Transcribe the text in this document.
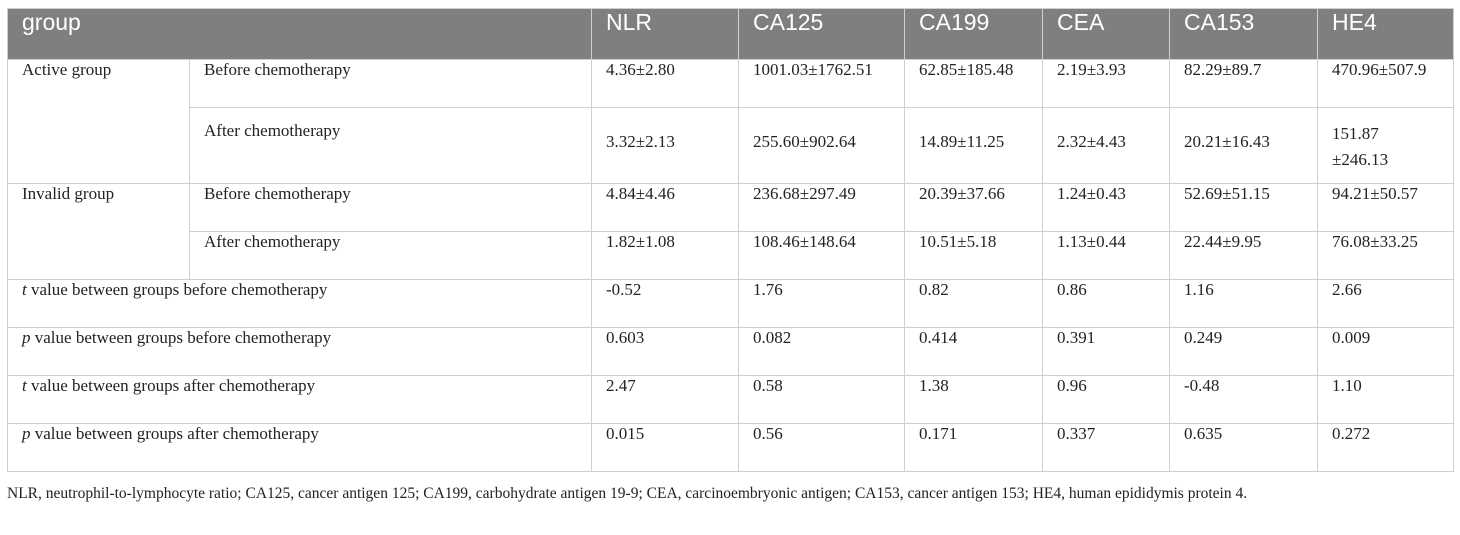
group		NLR	CA125	CA199	CEA	CA153	HE4
Active group	Before chemotherapy	4.36±2.80	1001.03±1762.51	62.85±185.48	2.19±3.93	82.29±89.7	470.96±507.9
	After chemotherapy	3.32±2.13	255.60±902.64	14.89±11.25	2.32±4.43	20.21±16.43	151.87
±246.13
Invalid group	Before chemotherapy	4.84±4.46	236.68±297.49	20.39±37.66	1.24±0.43	52.69±51.15	94.21±50.57
	After chemotherapy	1.82±1.08	108.46±148.64	10.51±5.18	1.13±0.44	22.44±9.95	76.08±33.25
t value between groups before chemotherapy		-0.52	1.76	0.82	0.86	1.16	2.66
p value between groups before chemotherapy		0.603	0.082	0.414	0.391	0.249	0.009
t value between groups after chemotherapy		2.47	0.58	1.38	0.96	-0.48	1.10
p value between groups after chemotherapy		0.015	0.56	0.171	0.337	0.635	0.272
NLR, neutrophil-to-lymphocyte ratio; CA125, cancer antigen 125; CA199, carbohydrate antigen 19-9; CEA, carcinoembryonic antigen; CA153, cancer antigen 153; HE4, human epididymis protein 4.
